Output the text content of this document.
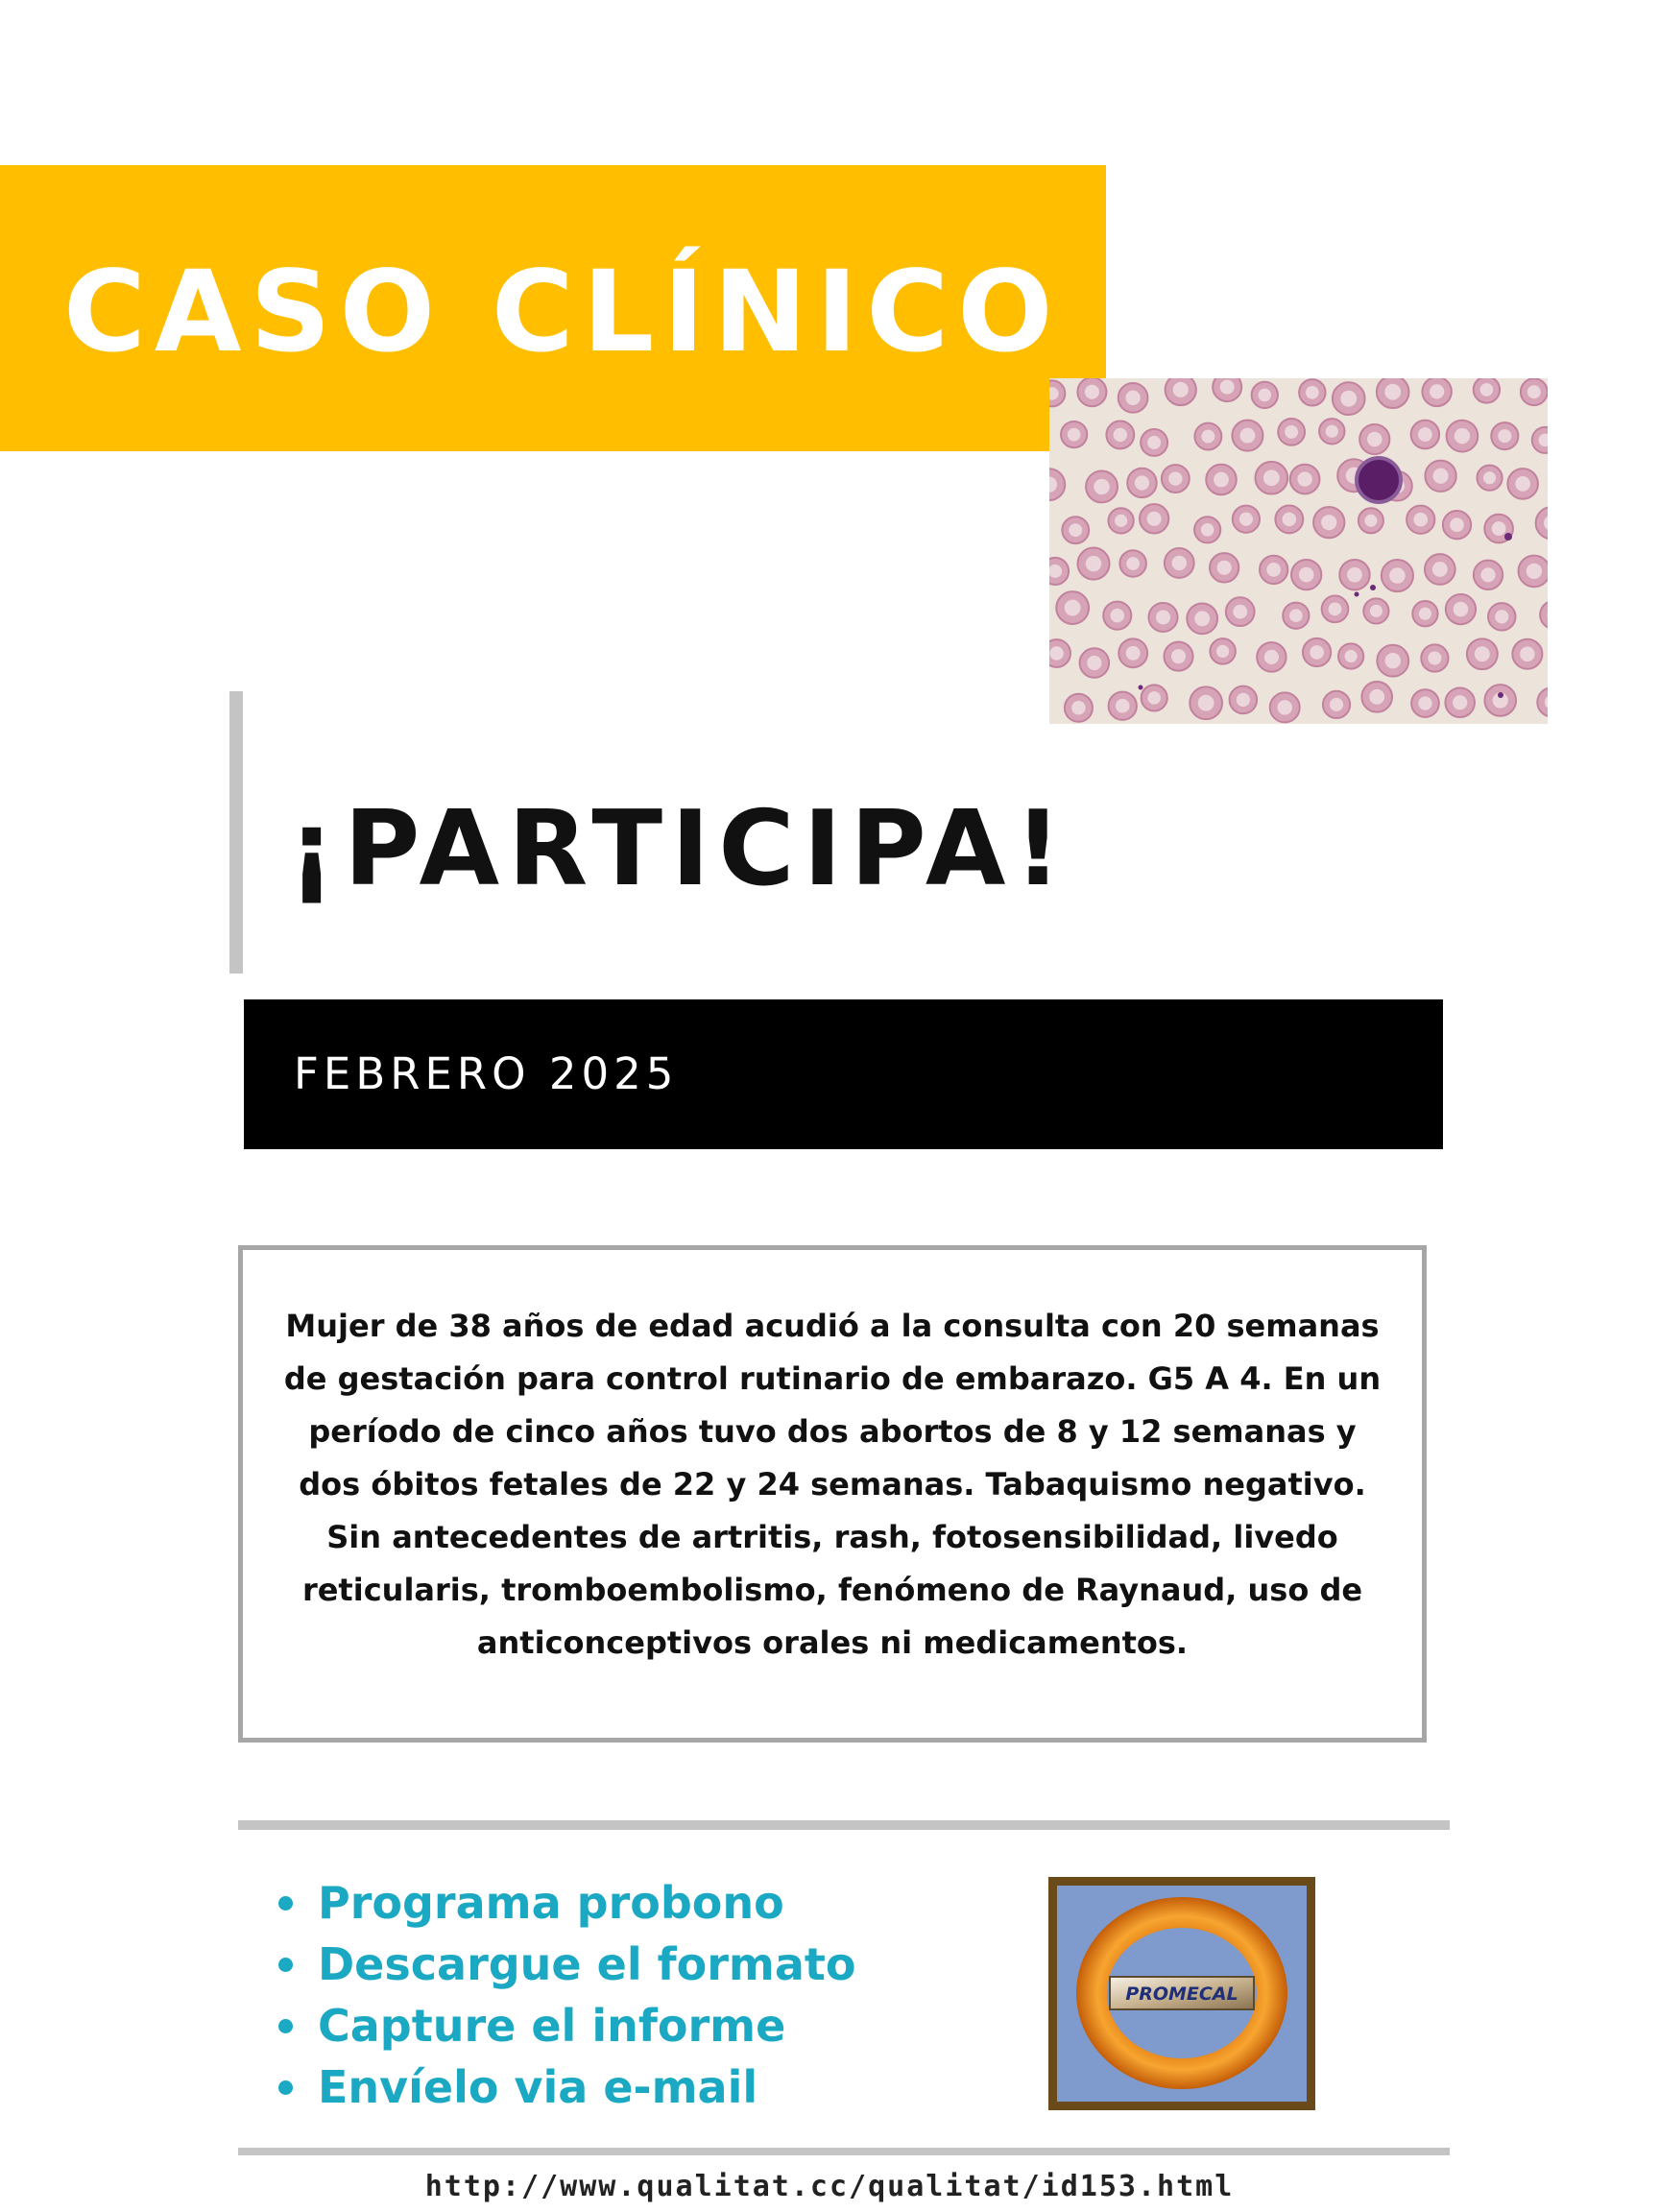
CASO CLÍNICO
¡PARTICIPA!
FEBRERO 2025

Mujer de 38 años de edad acudió a la consulta con 20 semanas de gestación para control rutinario de embarazo. G5 A 4. En un período de cinco años tuvo dos abortos de 8 y 12 semanas y dos óbitos fetales de 22 y 24 semanas. Tabaquismo negativo. Sin antecedentes de artritis, rash, fotosensibilidad, livedo reticularis, tromboembolismo, fenómeno de Raynaud, uso de anticonceptivos orales ni medicamentos.

Programa probono
Descargue el formato
Capture el informe
Envíelo via e-mail
PROMECAL
http://www.qualitat.cc/qualitat/id153.html
